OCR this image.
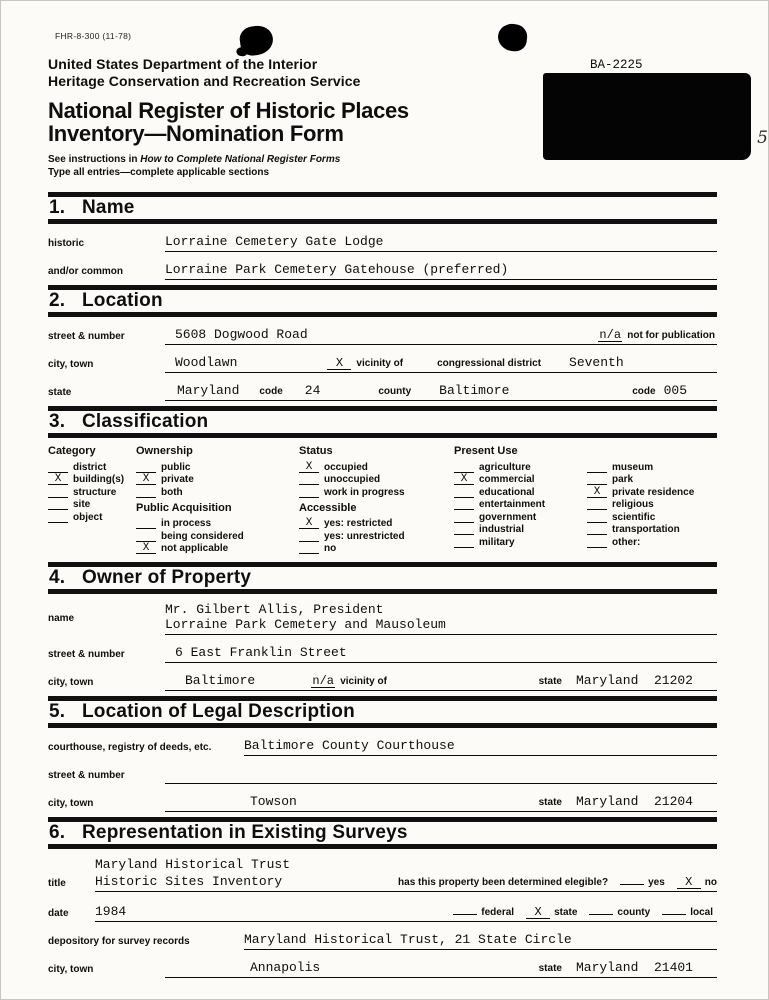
FHR-8-300 (11-78)
BA-2225
5
United States Department of the Interior
Heritage Conservation and Recreation Service
National Register of Historic Places
Inventory—Nomination Form
See instructions in How to Complete National Register Forms
Type all entries—complete applicable sections
1. Name
historic	Lorraine Cemetery Gate Lodge
and/or common	Lorraine Park Cemetery Gatehouse (preferred)
2. Location
street & number	5608 Dogwood Road	n/a not for publication
city, town	Woodlawn	X	vicinity of	congressional district Seventh
state	Maryland code 24	county Baltimore	code 005
3. Classification
Category
district
X	building(s)
structure
site
object
Ownership
public
X	private
both
Public Acquisition
in process
being considered
X	not applicable
Status
X	occupied
unoccupied
work in progress
Accessible
X	yes: restricted
yes: unrestricted
no
Present Use
agriculture
X	commercial
educational
entertainment
government
industrial
military
museum
park
X	private residence
religious
scientific
transportation
other:
4. Owner of Property
name
Mr. Gilbert Allis, President
Lorraine Park Cemetery and Mausoleum
street & number	6 East Franklin Street
city, town	Baltimore	n/a vicinity of	state Maryland  21202
5. Location of Legal Description
courthouse, registry of deeds, etc.	Baltimore County Courthouse
street & number
city, town	Towson	state Maryland  21204
6. Representation in Existing Surveys
title
Maryland Historical Trust
Historic Sites Inventory	has this property been determined elegible?	yes	X	no
date	1984	federal	X	state	county	local
depository for survey records	Maryland Historical Trust, 21 State Circle
city, town	Annapolis	state Maryland  21401
